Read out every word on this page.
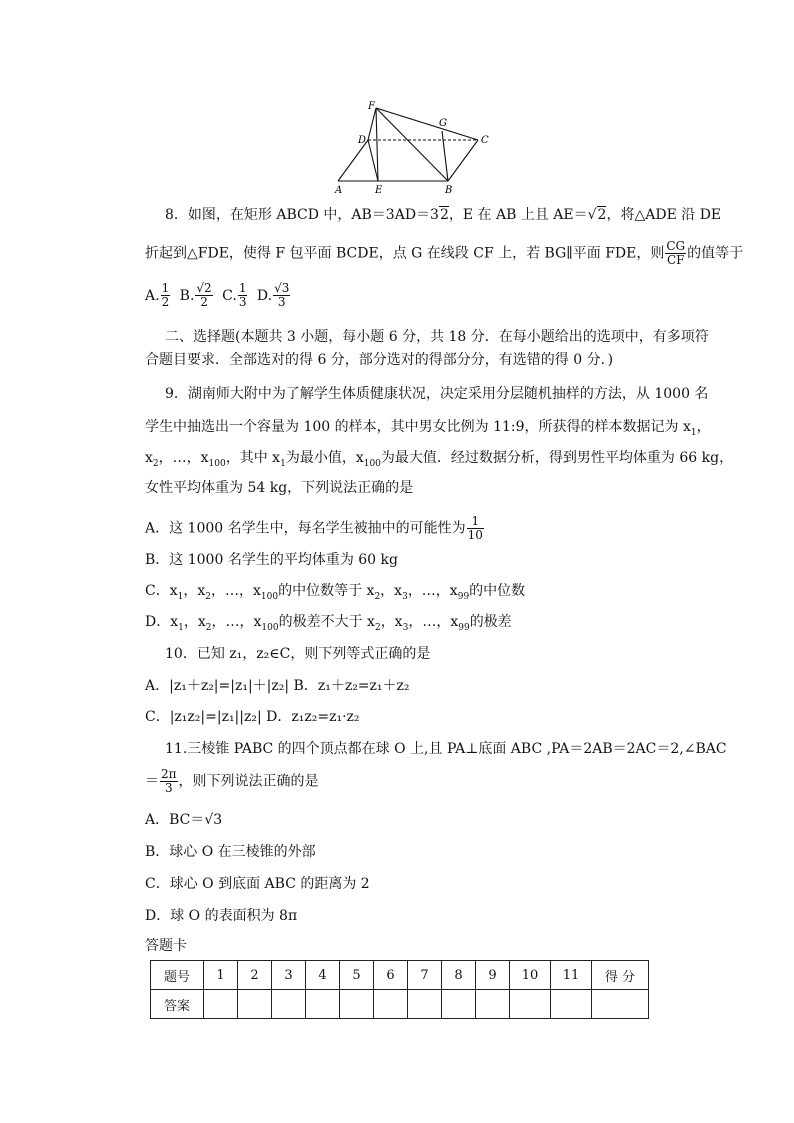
F
G
D	C
A	E	B
8．如图，在矩形 ABCD 中，AB＝3AD＝32，E 在 AB 上且 AE＝√2，将△ADE 沿 DE
折起到△FDE，使得 F 包平面 BCDE，点 G 在线段 CF 上，若 BG∥平面 FDE，则 $\frac{CG}{CF}$ 的值等于
A. $\frac{1}{2} B$. $\frac{√2}{2} C$. $\frac{1}{3} D$. $\frac{√3}{3}$
二、选择题(本题共 3 小题，每小题 6 分，共 18 分．在每小题给出的选项中，有多项符
合题目要求．全部选对的得 6 分，部分选对的得部分分，有选错的得 0 分．)
9．湖南师大附中为了解学生体质健康状况，决定采用分层随机抽样的方法，从 1000 名
学生中抽选出一个容量为 100 的样本，其中男女比例为 11:9，所获得的样本数据记为 $x_1$，
$x_2$，…，$x_{100}$，其中 $x_1$为最小值，$x_{100}$为最大值．经过数据分析，得到男性平均体重为 66 kg，
女性平均体重为 54 kg，下列说法正确的是
A．这 1000 名学生中，每名学生被抽中的可能性为 $\frac{1}{10}$
B．这 1000 名学生的平均体重为 60 kg
C．$x_1$，$x_2$，…，$x_{100}$的中位数等于 $x_2$，$x_3$，…，$x_{99}$的中位数
D．$x_1$，$x_2$，…，$x_{100}$的极差不大于 $x_2$，$x_3$，…，$x_{99}$的极差
10．已知 z₁，z₂∈C，则下列等式正确的是
A．|z₁＋z₂|=|z₁|＋|z₂| B．z₁＋z₂=z₁＋z₂
C．|z₁z₂|=|z₁||z₂| D．z₁z₂=z₁·z₂
11.三棱锥 PABC 的四个顶点都在球 O 上,且 PA⊥底面 ABC ,PA＝2AB＝2AC＝2,∠BAC
＝ $\frac{2\pi}{3}$ ，则下列说法正确的是
A．BC＝√3
B．球心 O 在三棱锥的外部
C．球心 O 到底面 ABC 的距离为 2
D．球 O 的表面积为 8π
答题卡
题号	1	2	3	4	5	6	7	8	9	10	11	得 分
答案												
